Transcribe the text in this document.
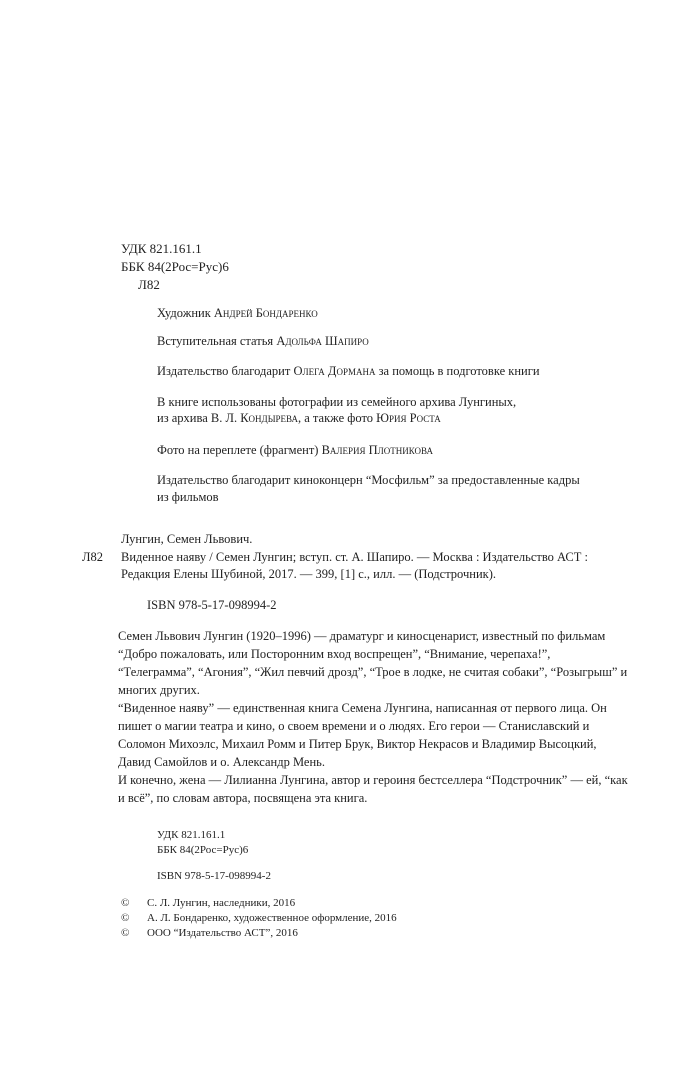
УДК 821.161.1
ББК 84(2Рос=Рус)6
Л82
Художник Андрей Бондаренко
Вступительная статья Адольфа Шапиро
Издательство благодарит Олега Дормана за помощь в подготовке книги
В книге использованы фотографии из семейного архива Лунгиных,
из архива В. Л. Кондырева, а также фото Юрия Роста
Фото на переплете (фрагмент) Валерия Плотникова
Издательство благодарит киноконцерн “Мосфильм” за предоставленные кадры
из фильмов
Лунгин, Семен Львович.
Л82 Виденное наяву / Семен Лунгин; вступ. ст. А. Шапиро. — Москва : Издательство АСТ :
Редакция Елены Шубиной, 2017. — 399, [1] с., илл. — (Подстрочник).
ISBN 978-5-17-098994-2

Семен Львович Лунгин (1920–1996) — драматург и киносценарист, известный по фильмам “Добро пожаловать, или Посторонним вход воспрещен”, “Внимание, черепаха!”, “Телеграмма”, “Агония”, “Жил певчий дрозд”, “Трое в лодке, не считая собаки”, “Розыгрыш” и многих других.

“Виденное наяву” — единственная книга Семена Лунгина, написанная от первого лица. Он пишет о магии театра и кино, о своем времени и о людях. Его герои — Станиславский и Соломон Михоэлс, Михаил Ромм и Питер Брук, Виктор Некрасов и Владимир Высоцкий, Давид Самойлов и о. Александр Мень.

И конечно, жена — Лилианна Лунгина, автор и героиня бестселлера “Подстрочник” — ей, “как и всё”, по словам автора, посвящена эта книга.

УДК 821.161.1
ББК 84(2Рос=Рус)6
ISBN 978-5-17-098994-2
© С. Л. Лунгин, наследники, 2016
© А. Л. Бондаренко, художественное оформление, 2016
© ООО “Издательство АСТ”, 2016
